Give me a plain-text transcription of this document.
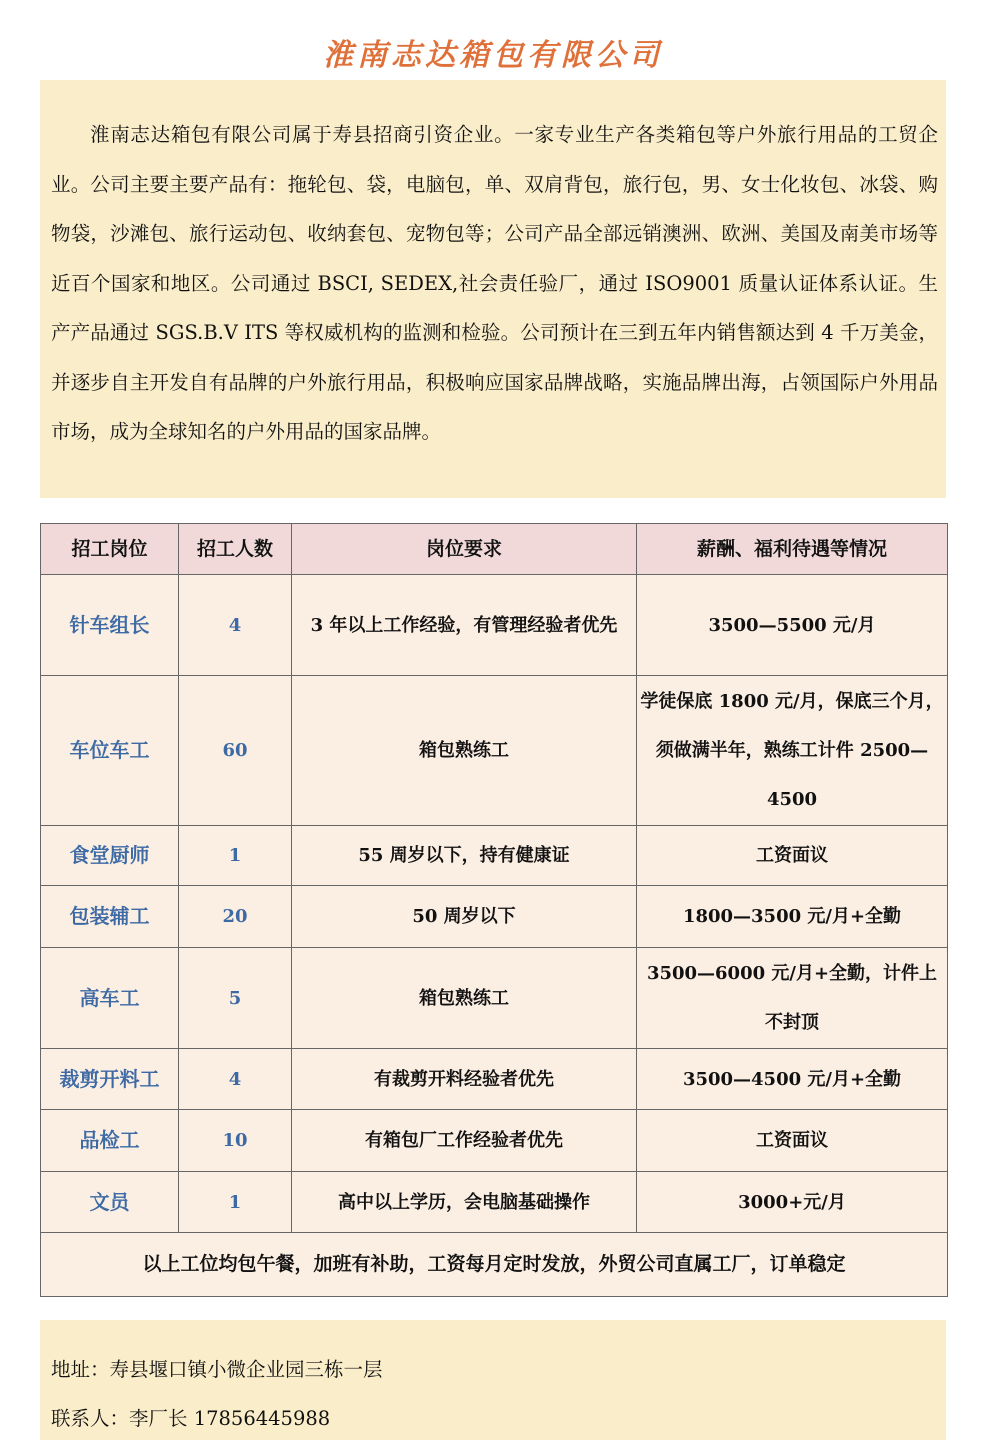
淮南志达箱包有限公司
淮南志达箱包有限公司属于寿县招商引资企业。一家专业生产各类箱包等户外旅行用品的工贸企业。公司主要主要产品有：拖轮包、袋，电脑包，单、双肩背包，旅行包，男、女士化妆包、冰袋、购物袋，沙滩包、旅行运动包、收纳套包、宠物包等；公司产品全部远销澳洲、欧洲、美国及南美市场等近百个国家和地区。公司通过 BSCI, SEDEX,社会责任验厂，通过 ISO9001 质量认证体系认证。生产产品通过 SGS.B.V ITS 等权威机构的监测和检验。公司预计在三到五年内销售额达到 4 千万美金，并逐步自主开发自有品牌的户外旅行用品，积极响应国家品牌战略，实施品牌出海，占领国际户外用品市场，成为全球知名的户外用品的国家品牌。
招工岗位	招工人数	岗位要求	薪酬、福利待遇等情况
针车组长	4	3 年以上工作经验，有管理经验者优先	3500—5500 元/月
车位车工	60	箱包熟练工	学徒保底 1800 元/月，保底三个月，须做满半年，熟练工计件 2500—4500
食堂厨师	1	55 周岁以下，持有健康证	工资面议
包装辅工	20	50 周岁以下	1800—3500 元/月+全勤
高车工	5	箱包熟练工	3500—6000 元/月+全勤，计件上不封顶
裁剪开料工	4	有裁剪开料经验者优先	3500—4500 元/月+全勤
品检工	10	有箱包厂工作经验者优先	工资面议
文员	1	高中以上学历，会电脑基础操作	3000+元/月
以上工位均包午餐，加班有补助，工资每月定时发放，外贸公司直属工厂，订单稳定			
地址：寿县堰口镇小微企业园三栋一层
联系人：李厂长 17856445988
